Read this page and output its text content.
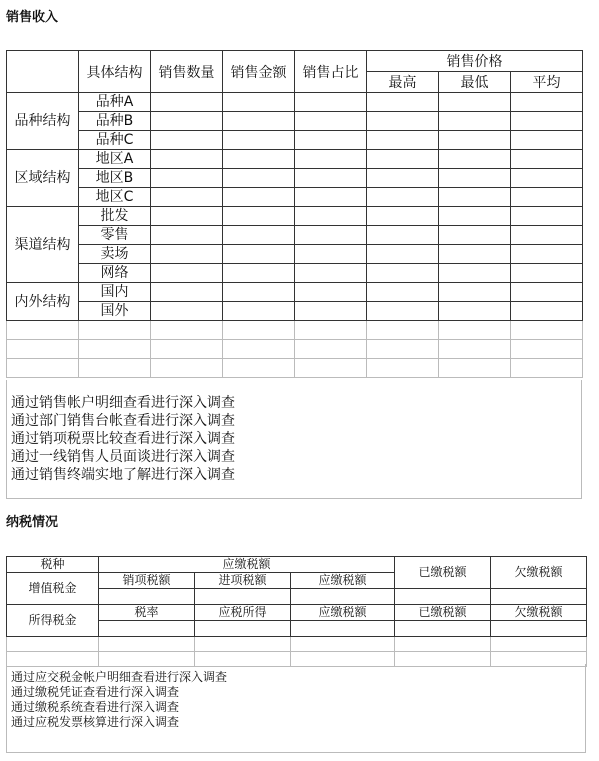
销售收入
	具体结构	销售数量	销售金额	销售占比	销售价格		
					最高	最低	平均
品种结构	品种A						
	品种B						
	品种C						
区域结构	地区A						
	地区B						
	地区C						
渠道结构	批发						
	零售						
	卖场						
	网络						
内外结构	国内						
	国外						

通过销售帐户明细查看进行深入调查
通过部门销售台帐查看进行深入调查
通过销项税票比较查看进行深入调查
通过一线销售人员面谈进行深入调查
通过销售终端实地了解进行深入调查
纳税情况
税种	应缴税额			已缴税额	欠缴税额
增值税金	销项税额	进项税额	应缴税额		

所得税金	税率	应税所得	应缴税额	已缴税额	欠缴税额

通过应交税金帐户明细查看进行深入调查
通过缴税凭证查看进行深入调查
通过缴税系统查看进行深入调查
通过应税发票核算进行深入调查
